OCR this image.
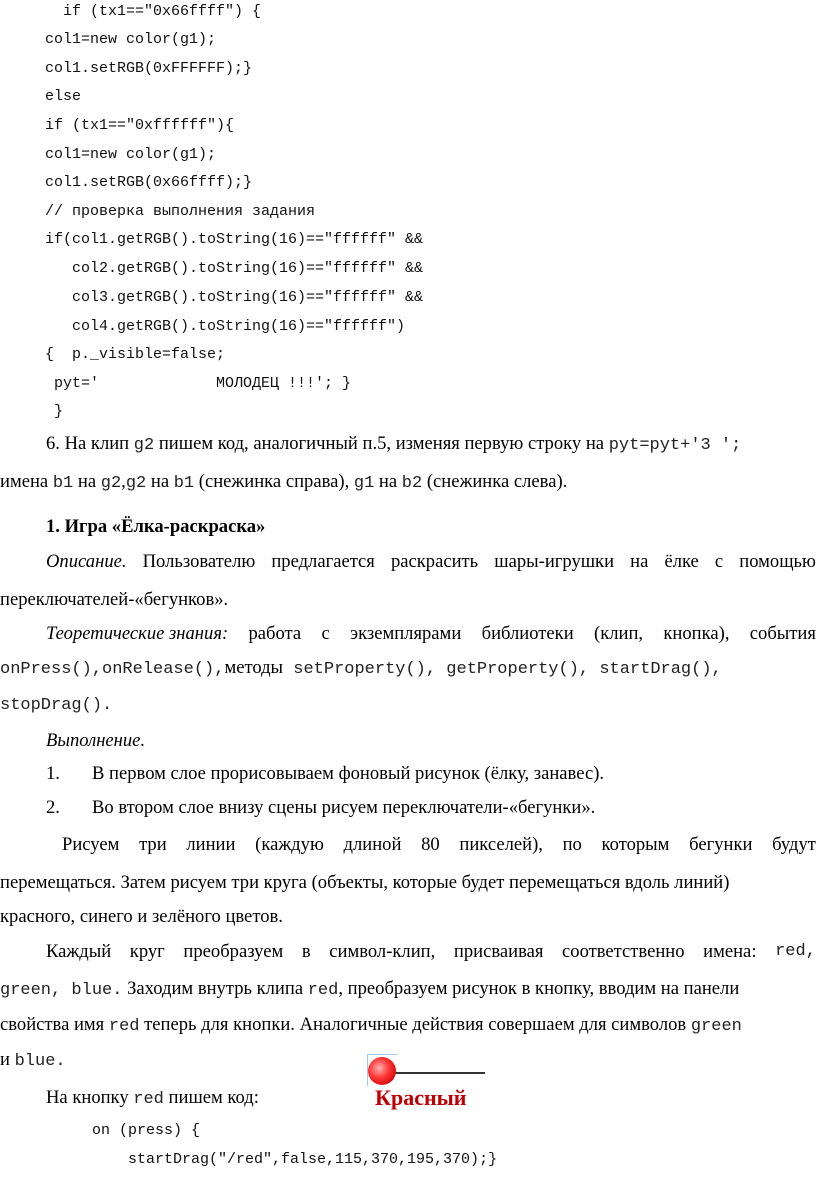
if (tx1=="0x66ffff") {
col1=new color(g1);
col1.setRGB(0xFFFFFF);}
else
if (tx1=="0xffffff"){
col1=new color(g1);
col1.setRGB(0x66ffff);}
// проверка выполнения задания
if(col1.getRGB().toString(16)=="ffffff" &&
col2.getRGB().toString(16)=="ffffff" &&
col3.getRGB().toString(16)=="ffffff" &&
col4.getRGB().toString(16)=="ffffff")
{  p._visible=false;
pyt='             МОЛОДЕЦ !!!'; }
}
6. На клип g2 пишем код, аналогичный п.5, изменяя первую строку на pyt=pyt+'3 ';
имена b1 на g2,g2 на b1 (снежинка справа), g1 на b2 (снежинка слева).
1. Игра «Ёлка-раскраска»
Описание. Пользователю предлагается раскрасить шары-игрушки на ёлке с помощью
переключателей-«бегунков».
Теоретические знания: работа с экземплярами библиотеки (клип, кнопка), события
onPress(),onRelease(),методы setProperty(), getProperty(), startDrag(),
stopDrag().
Выполнение.
1. В первом слое прорисовываем фоновый рисунок (ёлку, занавес).
2. Во втором слое внизу сцены рисуем переключатели-«бегунки».
Рисуем три линии (каждую длиной 80 пикселей), по которым бегунки будут
перемещаться. Затем рисуем три круга (объекты, которые будет перемещаться вдоль линий)
красного, синего и зелёного цветов.
Каждый круг преобразуем в символ-клип, присваивая соответственно имена: red,
green, blue. Заходим внутрь клипа red, преобразуем рисунок в кнопку, вводим на панели
свойства имя red теперь для кнопки. Аналогичные действия совершаем для символов green
и blue.
На кнопку red пишем код:	Красный
on (press) {
startDrag("/red",false,115,370,195,370);}
